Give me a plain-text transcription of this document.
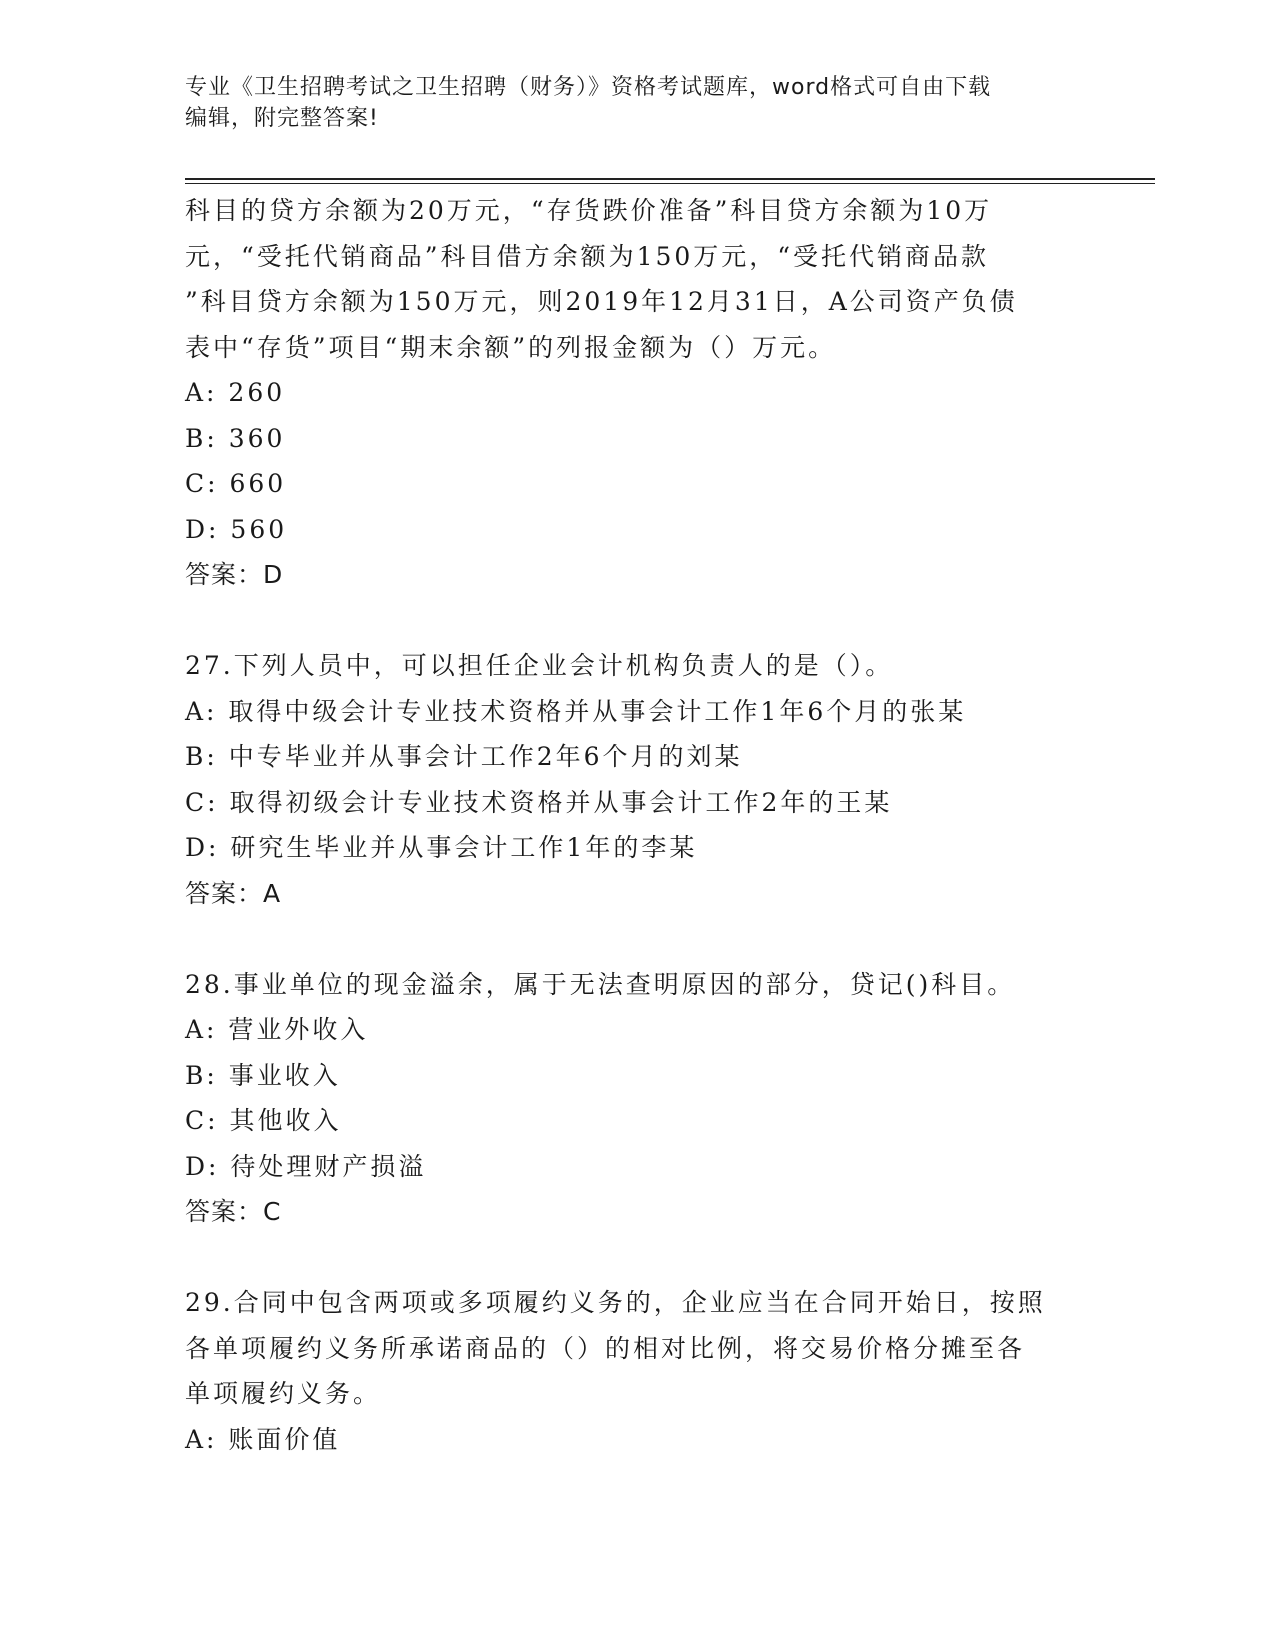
专业《卫生招聘考试之卫生招聘（财务）》资格考试题库，word格式可自由下载
编辑，附完整答案!
科目的贷方余额为20万元，“存货跌价准备”科目贷方余额为10万
元，“受托代销商品”科目借方余额为150万元，“受托代销商品款
”科目贷方余额为150万元，则2019年12月31日，A公司资产负债
表中“存货”项目“期末余额”的列报金额为（）万元。
A: 260
B: 360
C: 660
D: 560
答案：D
27.下列人员中，可以担任企业会计机构负责人的是（）。
A: 取得中级会计专业技术资格并从事会计工作1年6个月的张某
B: 中专毕业并从事会计工作2年6个月的刘某
C: 取得初级会计专业技术资格并从事会计工作2年的王某
D: 研究生毕业并从事会计工作1年的李某
答案：A
28.事业单位的现金溢余，属于无法查明原因的部分，贷记()科目。
A: 营业外收入
B: 事业收入
C: 其他收入
D: 待处理财产损溢
答案：C
29.合同中包含两项或多项履约义务的，企业应当在合同开始日，按照
各单项履约义务所承诺商品的（）的相对比例，将交易价格分摊至各
单项履约义务。
A: 账面价值
